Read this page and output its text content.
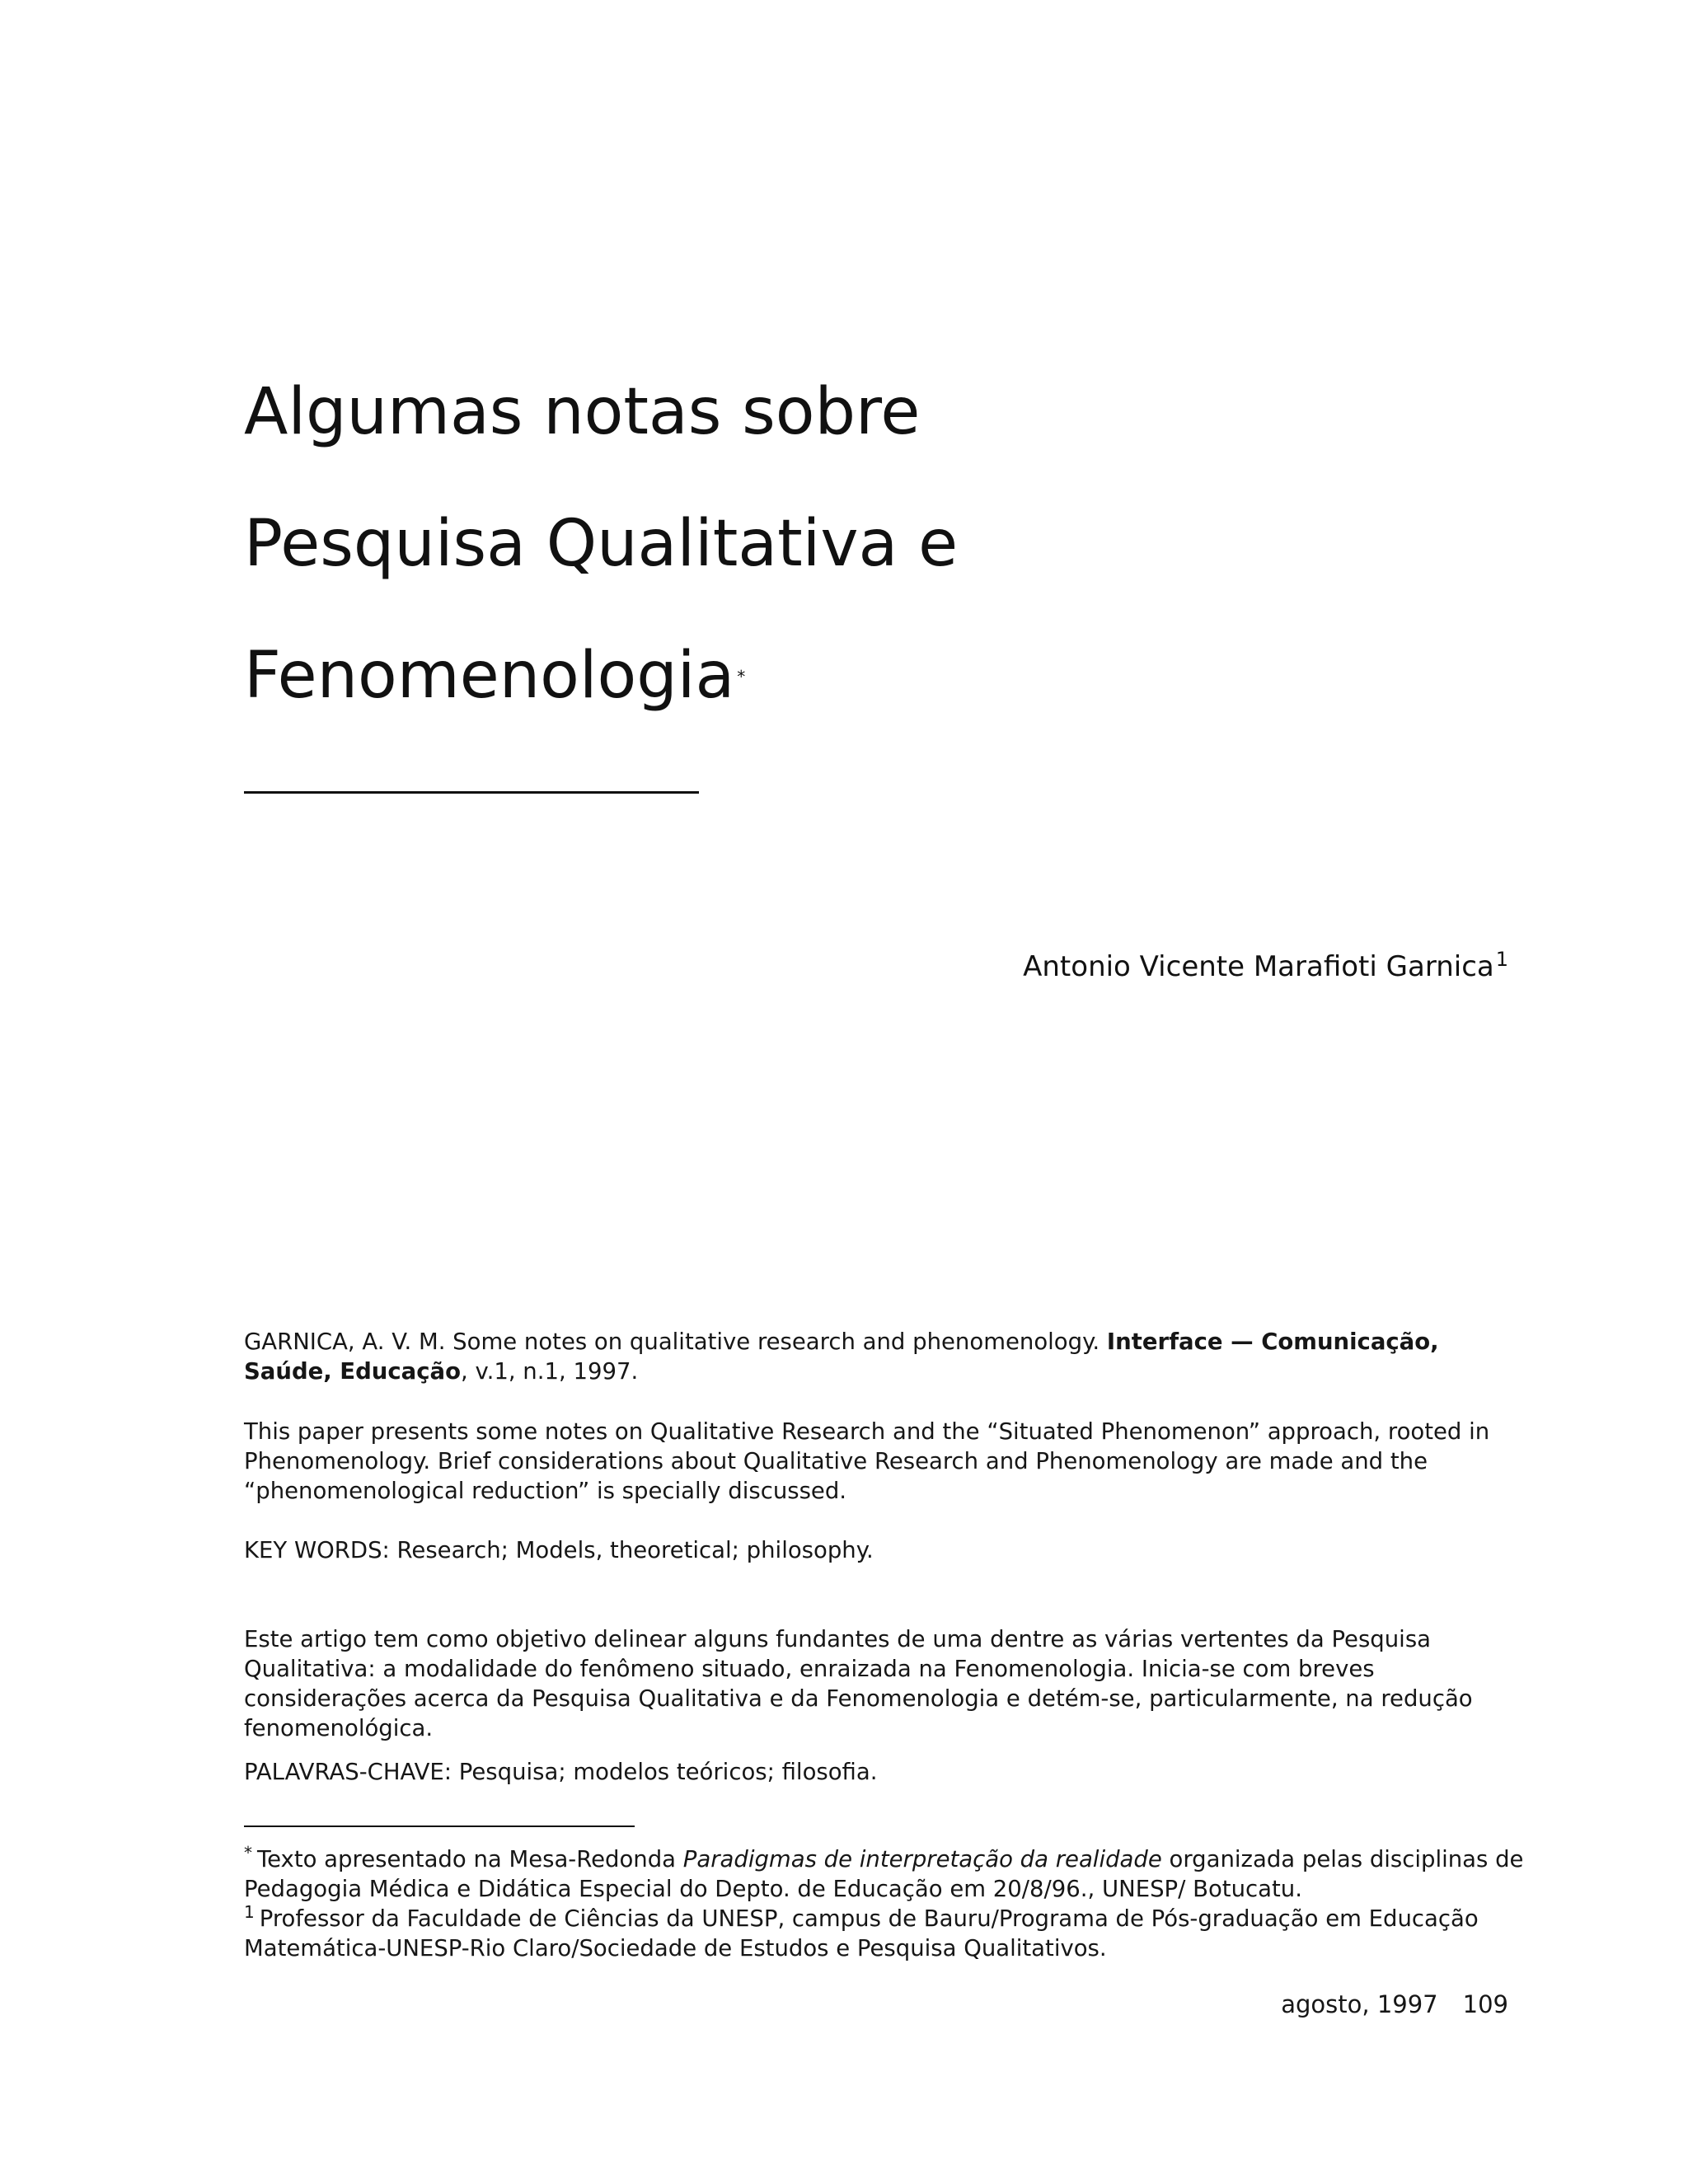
Algumas notas sobre
Pesquisa Qualitativa e
Fenomenologia *
Antonio Vicente Marafioti Garnica$^1$
GARNICA, A. V. M. Some notes on qualitative research and phenomenology. Interface — Comunicação, Saúde, Educação, v.1, n.1, 1997.
This paper presents some notes on Qualitative Research and the “Situated Phenomenon” approach, rooted in Phenomenology. Brief considerations about Qualitative Research and Phenomenology are made and the “phenomenological reduction” is specially discussed.
KEY WORDS: Research; Models, theoretical; philosophy.
Este artigo tem como objetivo delinear alguns fundantes de uma dentre as várias vertentes da Pesquisa Qualitativa: a modalidade do fenômeno situado, enraizada na Fenomenologia. Inicia-se com breves considerações acerca da Pesquisa Qualitativa e da Fenomenologia e detém-se, particularmente, na redução fenomenológica.
PALAVRAS-CHAVE: Pesquisa; modelos teóricos; filosofia.
* Texto apresentado na Mesa-Redonda Paradigmas de interpretação da realidade organizada pelas disciplinas de Pedagogia Médica e Didática Especial do Depto. de Educação em 20/8/96., UNESP/ Botucatu.
$^1$ Professor da Faculdade de Ciências da UNESP, campus de Bauru/Programa de Pós-graduação em Educação Matemática-UNESP-Rio Claro/Sociedade de Estudos e Pesquisa Qualitativos.
agosto, 1997 109
